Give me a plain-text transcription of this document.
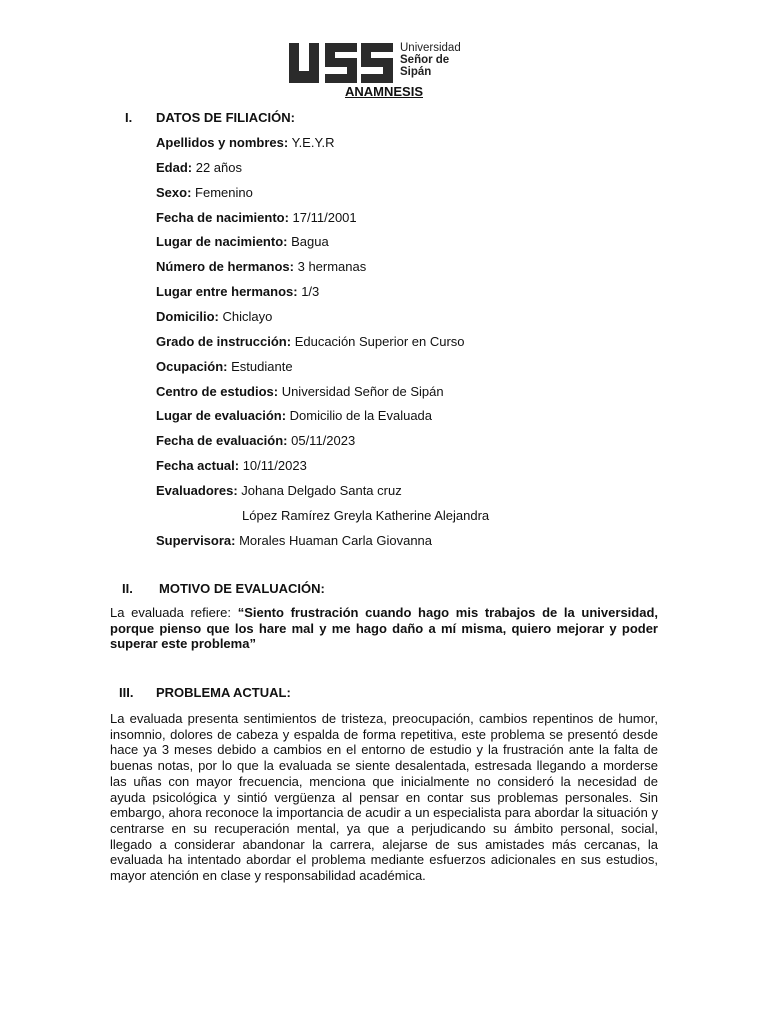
Universidad
Señor de Sipán
ANAMNESIS
I. DATOS DE FILIACIÓN:
Apellidos y nombres: Y.E.Y.R
Edad: 22 años
Sexo: Femenino
Fecha de nacimiento: 17/11/2001
Lugar de nacimiento: Bagua
Número de hermanos: 3 hermanas
Lugar entre hermanos: 1/3
Domicilio: Chiclayo
Grado de instrucción: Educación Superior en Curso
Ocupación: Estudiante
Centro de estudios: Universidad Señor de Sipán
Lugar de evaluación: Domicilio de la Evaluada
Fecha de evaluación: 05/11/2023
Fecha actual: 10/11/2023
Evaluadores: Johana Delgado Santa cruz
López Ramírez Greyla Katherine Alejandra
Supervisora: Morales Huaman Carla Giovanna
II. MOTIVO DE EVALUACIÓN:
La evaluada refiere: “Siento frustración cuando hago mis trabajos de la universidad, porque pienso que los hare mal y me hago daño a mí misma, quiero mejorar y poder superar este problema”
III. PROBLEMA ACTUAL:
La evaluada presenta sentimientos de tristeza, preocupación, cambios repentinos de humor, insomnio, dolores de cabeza y espalda de forma repetitiva, este problema se presentó desde hace ya 3 meses debido a cambios en el entorno de estudio y la frustración ante la falta de buenas notas, por lo que la evaluada se siente desalentada, estresada llegando a morderse las uñas con mayor frecuencia, menciona que inicialmente no consideró la necesidad de ayuda psicológica y sintió vergüenza al pensar en contar sus problemas personales. Sin embargo, ahora reconoce la importancia de acudir a un especialista para abordar la situación y centrarse en su recuperación mental, ya que a perjudicando su ámbito personal, social, llegado a considerar abandonar la carrera, alejarse de sus amistades más cercanas, la evaluada ha intentado abordar el problema mediante esfuerzos adicionales en sus estudios, mayor atención en clase y responsabilidad académica.
